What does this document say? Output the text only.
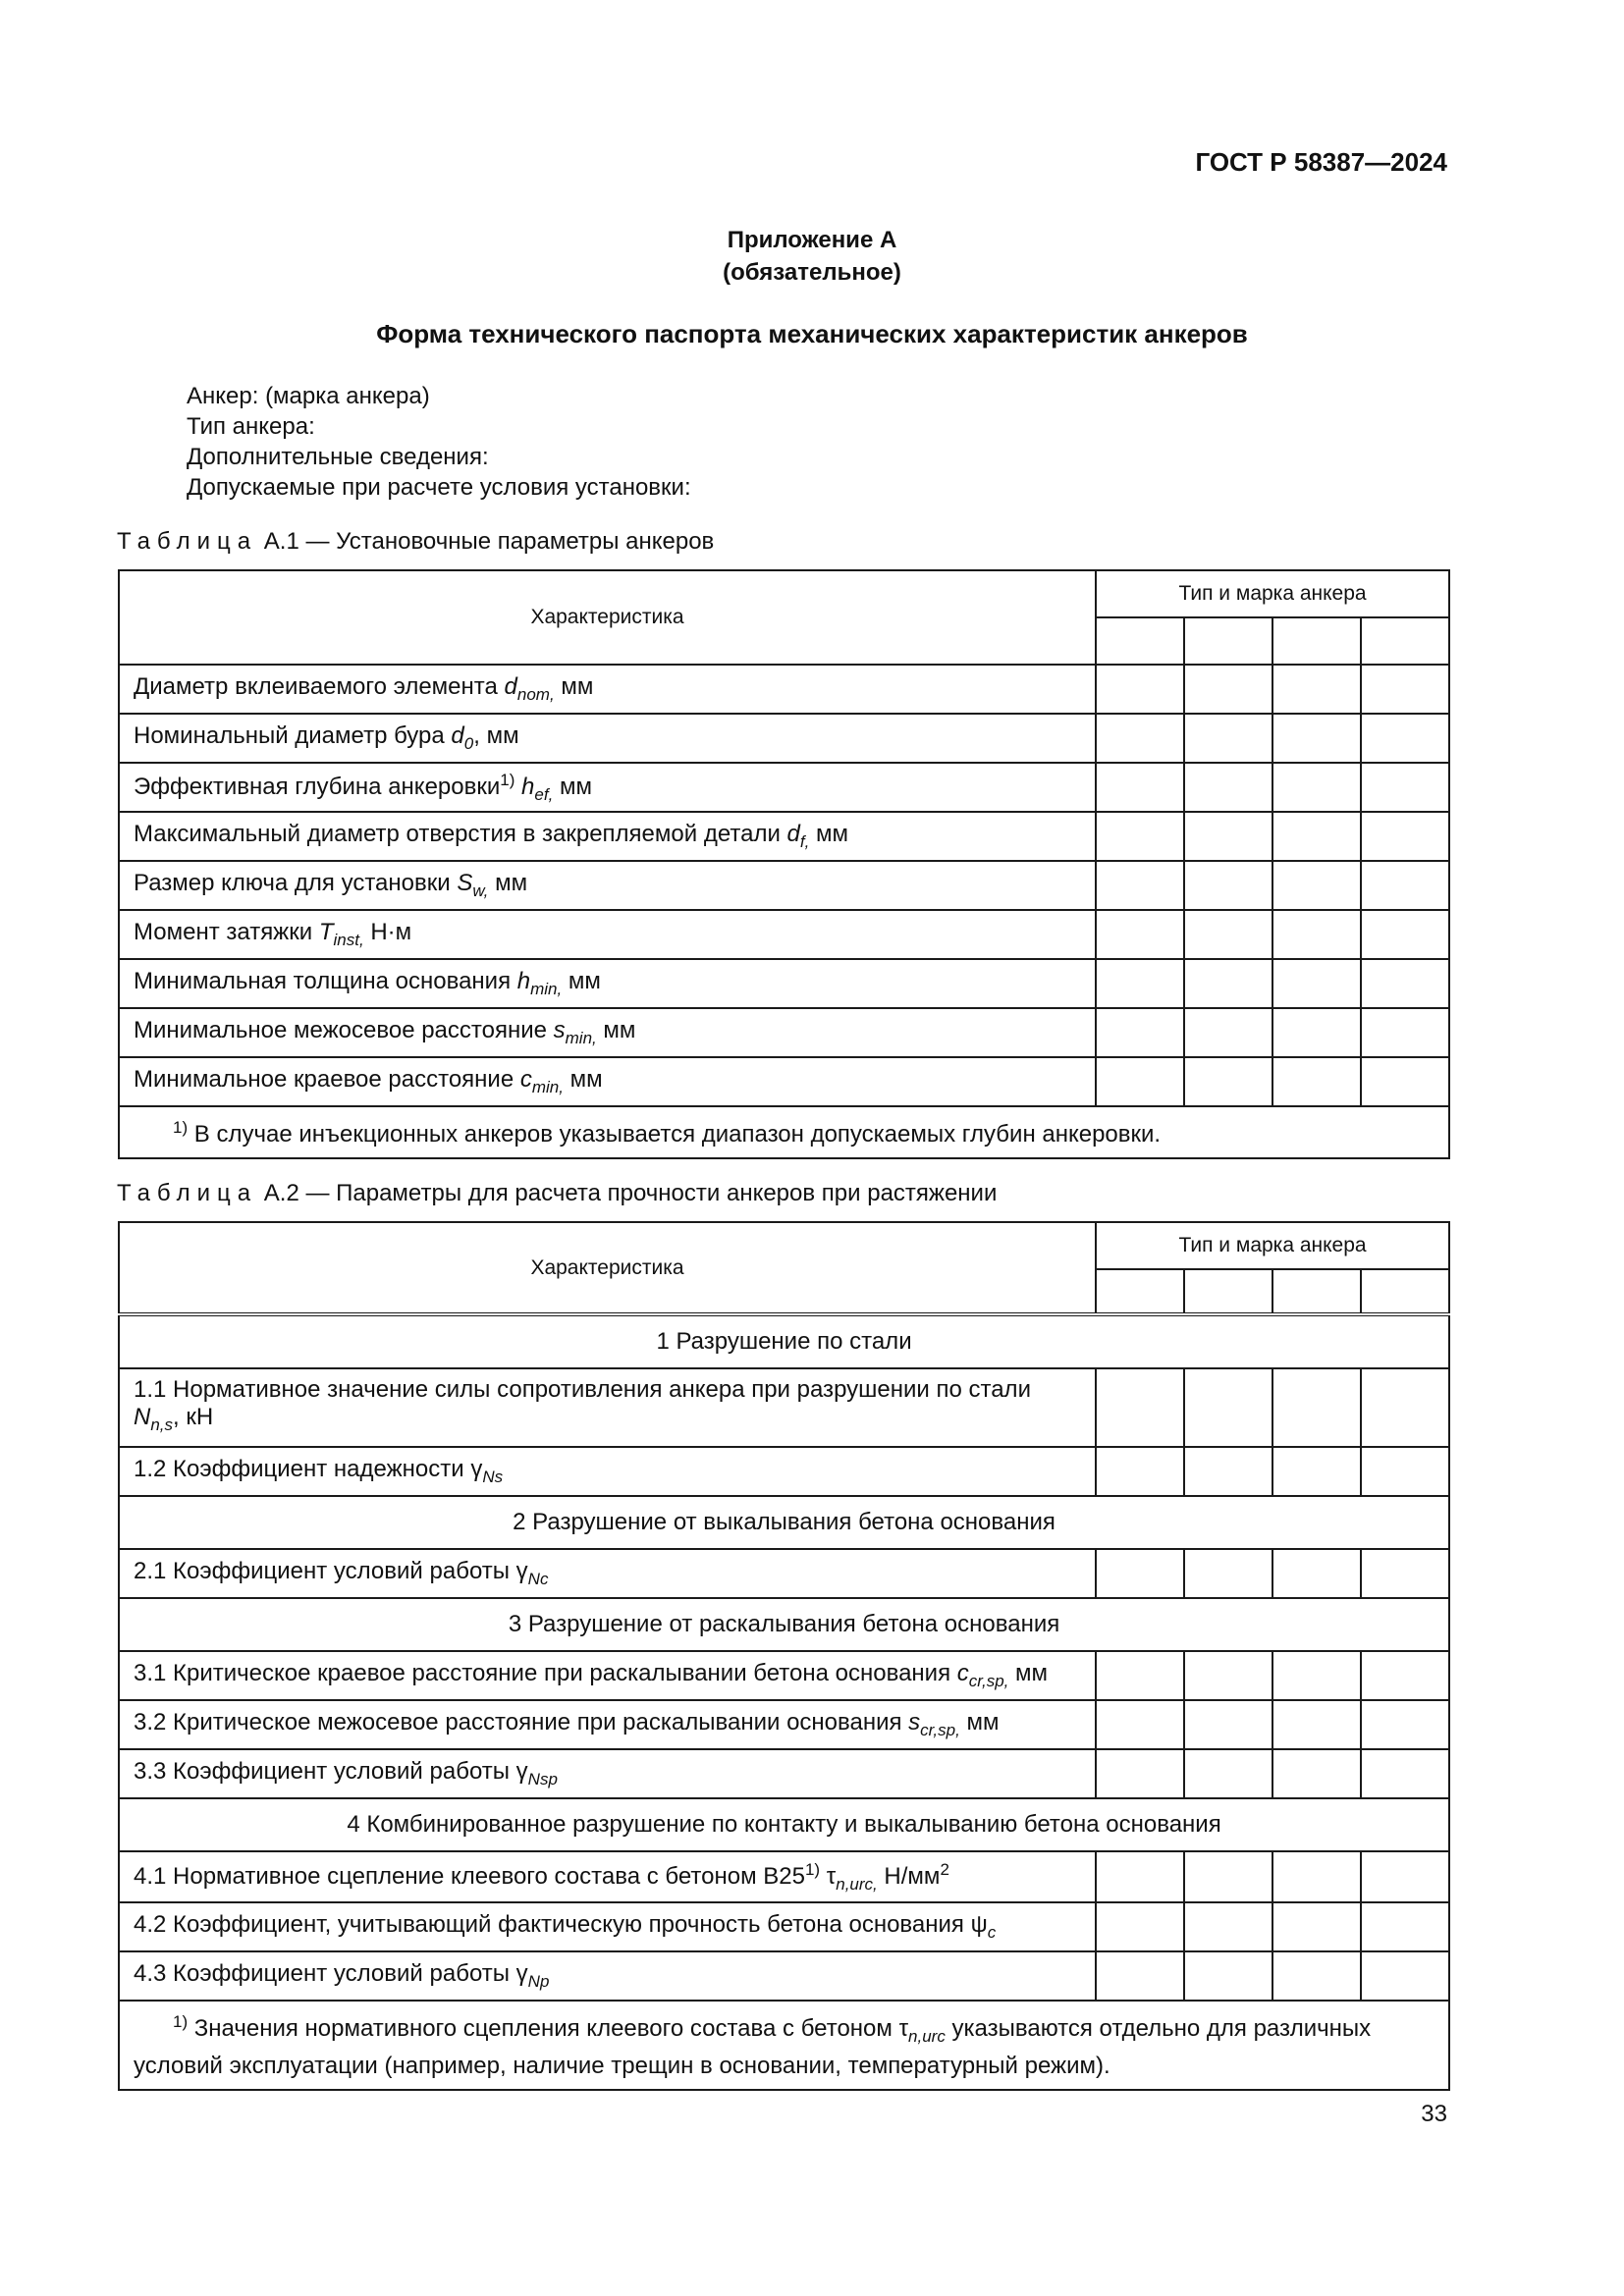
ГОСТ Р 58387—2024
Приложение А
(обязательное)
Форма технического паспорта механических характеристик анкеров
Анкер: (марка анкера)
Тип анкера:
Дополнительные сведения:
Допускаемые при расчете условия установки:
Таблица А.1 — Установочные параметры анкеров
Характеристика	Тип и марка анкера			

Диаметр вклеиваемого элемента $d_{nom,}$ мм				
Номинальный диаметр бура $d_0$, мм				
Эффективная глубина анкеровки$^{1)}$ $h_{ef,}$ мм				
Максимальный диаметр отверстия в закрепляемой детали $d_{f,}$ мм				
Размер ключа для установки $S_{w,}$ мм				
Момент затяжки $T_{inst,}$ Н·м				
Минимальная толщина основания $h_{min,}$ мм				
Минимальное межосевое расстояние $s_{min,}$ мм				
Минимальное краевое расстояние $c_{min,}$ мм				
$^{1)}$ В случае инъекционных анкеров указывается диапазон допускаемых глубин анкеровки.				
Таблица А.2 — Параметры для расчета прочности анкеров при растяжении
Характеристика	Тип и марка анкера			

1 Разрушение по стали				
1.1 Нормативное значение силы сопротивления анкера при разрушении по стали $N_{n,s}$, кН				
1.2 Коэффициент надежности $\gamma_{Ns}$				
2 Разрушение от выкалывания бетона основания				
2.1 Коэффициент условий работы $\gamma_{Nc}$				
3 Разрушение от раскалывания бетона основания				
3.1 Критическое краевое расстояние при раскалывании бетона основания $c_{cr,sp,}$ мм				
3.2 Критическое межосевое расстояние при раскалывании основания $s_{cr,sp,}$ мм				
3.3 Коэффициент условий работы $\gamma_{Nsp}$				
4 Комбинированное разрушение по контакту и выкалыванию бетона основания				
4.1 Нормативное сцепление клеевого состава с бетоном В25$^{1)}$ $\tau_{n,urc,}$ $Н/мм^2$				
4.2 Коэффициент, учитывающий фактическую прочность бетона основания $\psi_c$				
4.3 Коэффициент условий работы $\gamma_{Np}$				
$^{1)}$ Значения нормативного сцепления клеевого состава с бетоном $\tau_{n,urc}$ указываются отдельно для различных условий эксплуатации (например, наличие трещин в основании, температурный режим).				
33
